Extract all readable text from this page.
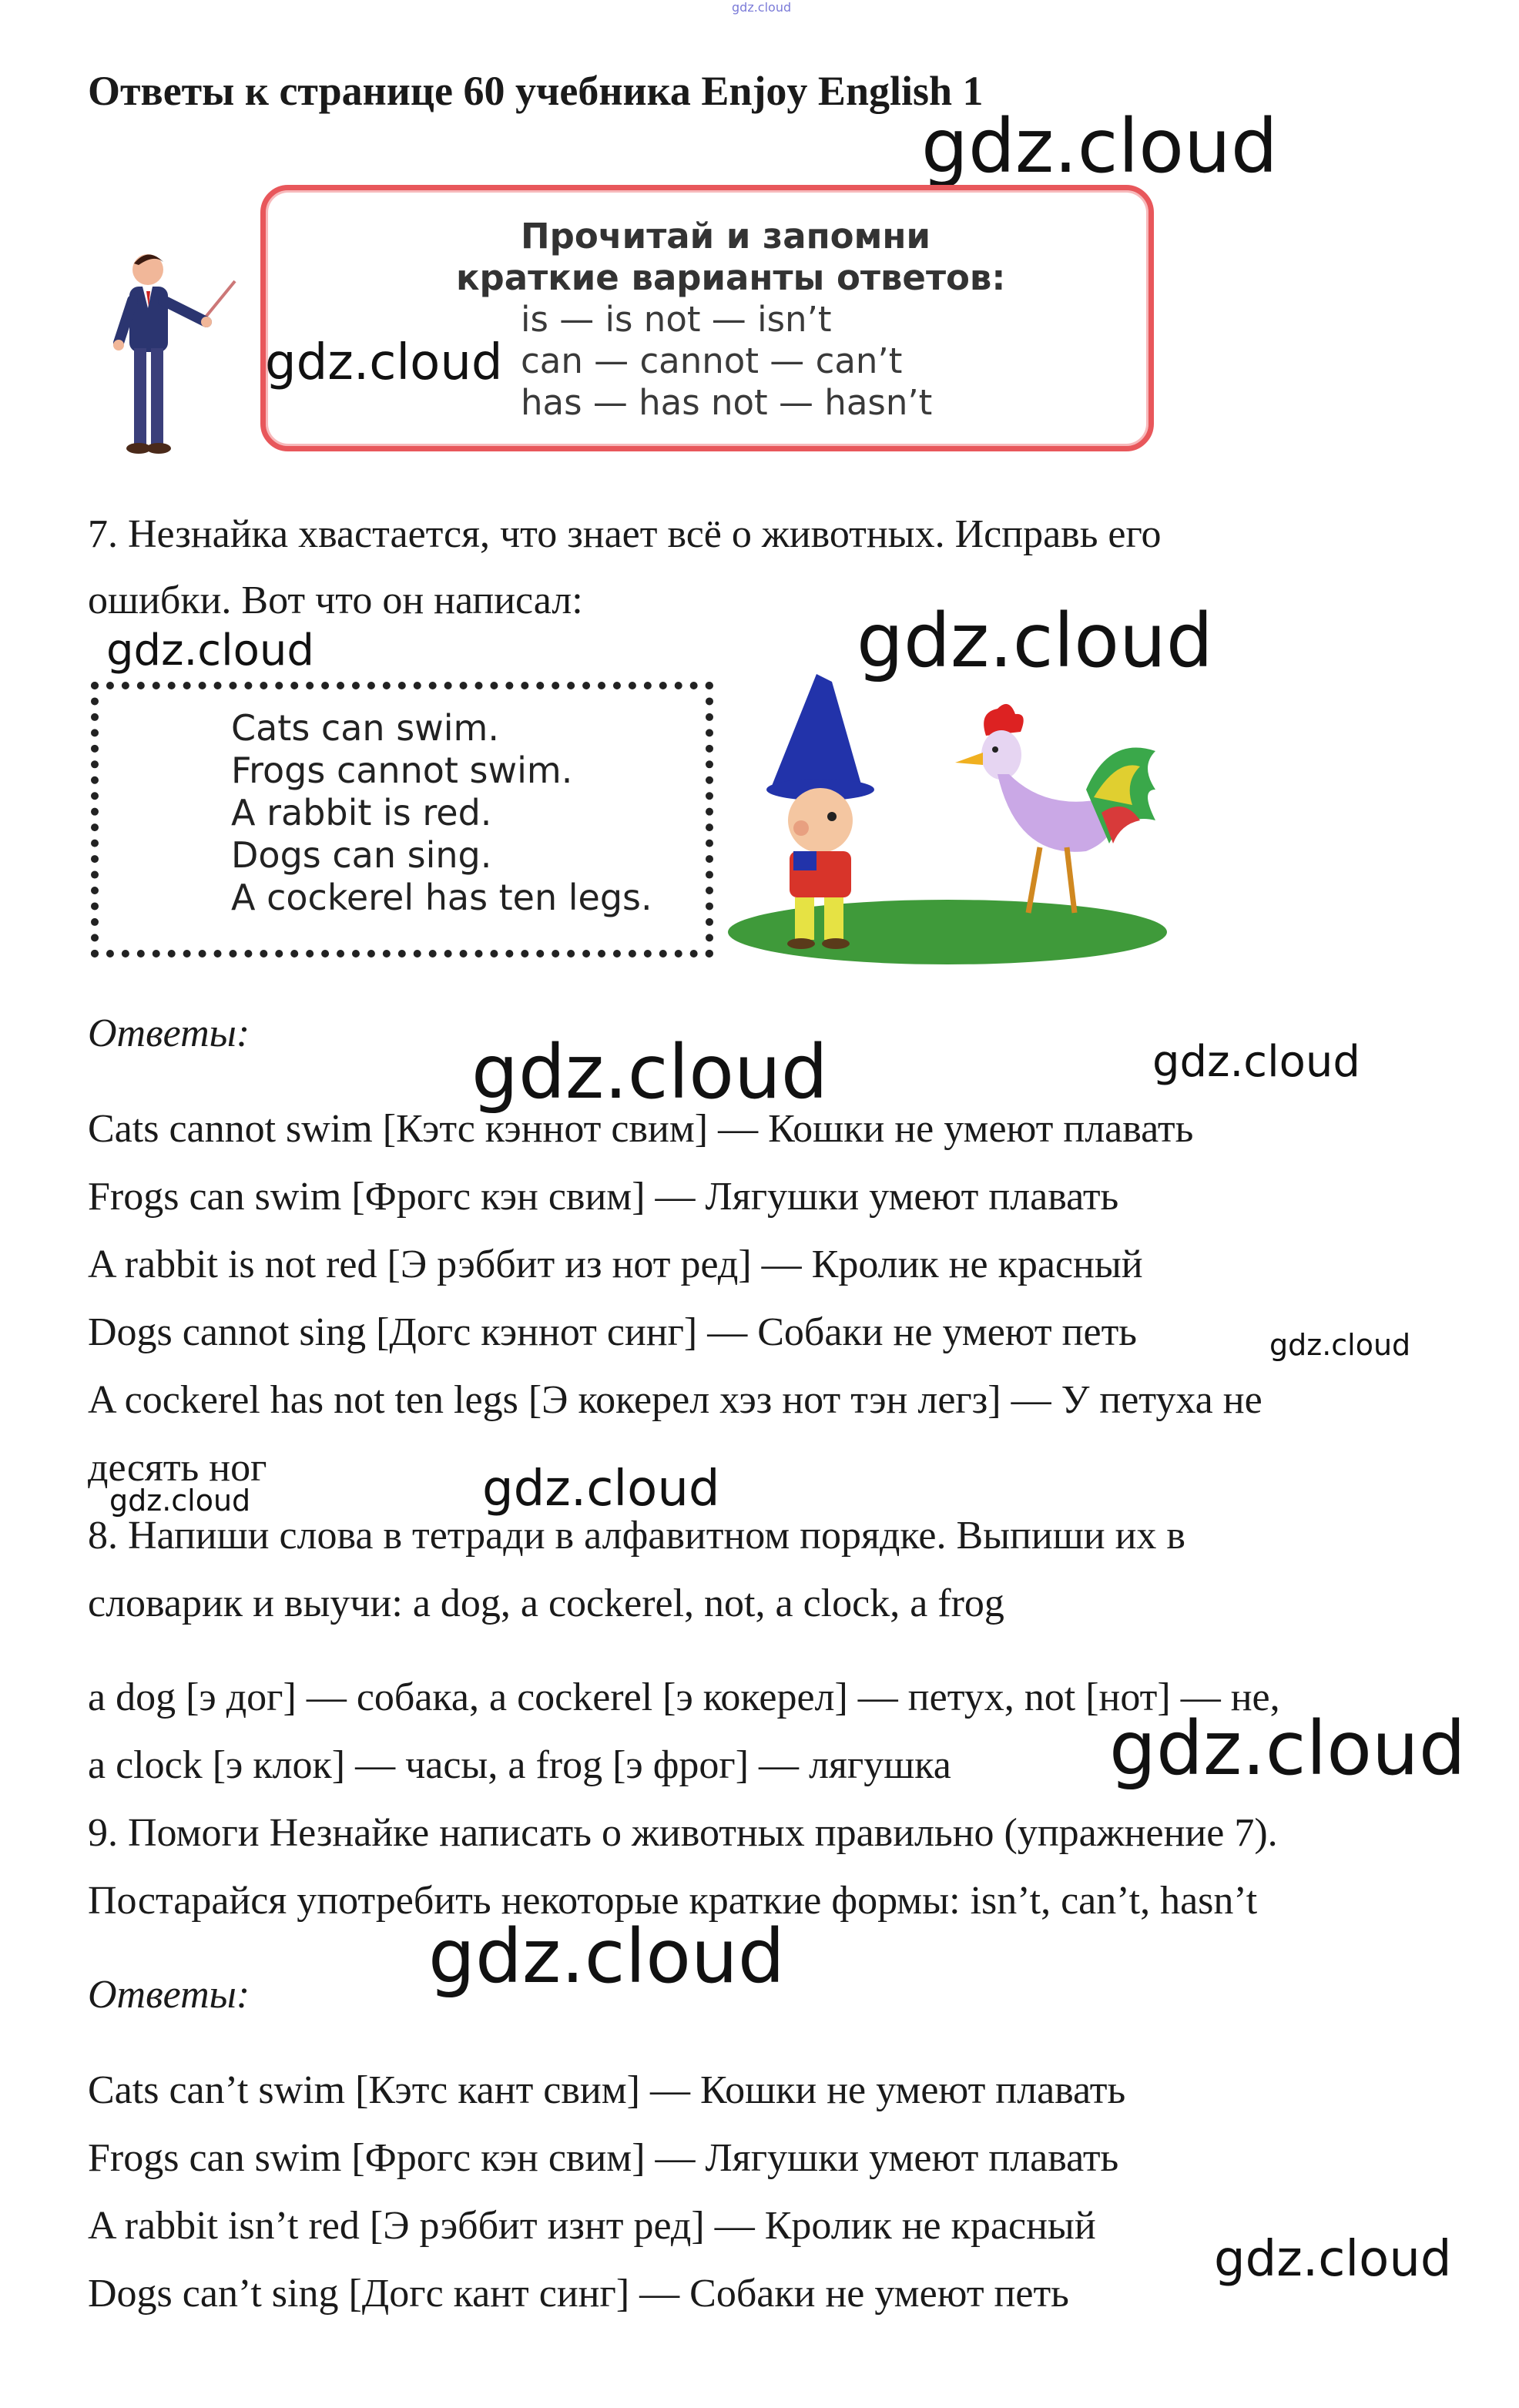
gdz.cloud
Ответы к странице 60 учебника Enjoy English 1
gdz.cloud
Прочитай и запомни
краткие варианты ответов:
is — is not — isn’t
can — cannot — can’t
has — has not — hasn’t
gdz.cloud
7. Незнайка хвастается, что знает всё о животных. Исправь его
ошибки. Вот что он написал:
gdz.cloud	gdz.cloud
Cats can swim.
Frogs cannot swim.
A rabbit is red.
Dogs can sing.
A cockerel has ten legs.
Ответы:	gdz.cloud	gdz.cloud
Cats cannot swim [Кэтс кэннот свим] — Кошки не умеют плавать
Frogs can swim [Фрогс кэн свим] — Лягушки умеют плавать
A rabbit is not red [Э рэббит из нот ред] — Кролик не красный
Dogs cannot sing [Догс кэннот синг] — Собаки не умеют петь	gdz.cloud
A cockerel has not ten legs [Э кокерел хэз нот тэн легз] — У петуха не
десять ног
gdz.cloud	gdz.cloud
8. Напиши слова в тетради в алфавитном порядке. Выпиши их в
словарик и выучи: a dog, a cockerel, not, a clock, a frog
a dog [э дог] — собака, a cockerel [э кокерел] — петух, not [нот] — не,
a clock [э клок] — часы, a frog [э фрог] — лягушка gdz.cloud
9. Помоги Незнайке написать о животных правильно (упражнение 7).
Постарайся употребить некоторые краткие формы: isn’t, can’t, hasn’t
gdz.cloud
Ответы:
Cats can’t swim [Кэтс кант свим] — Кошки не умеют плавать
Frogs can swim [Фрогс кэн свим] — Лягушки умеют плавать
A rabbit isn’t red [Э рэббит изнт ред] — Кролик не красный
gdz.cloud
Dogs can’t sing [Догс кант синг] — Собаки не умеют петь
